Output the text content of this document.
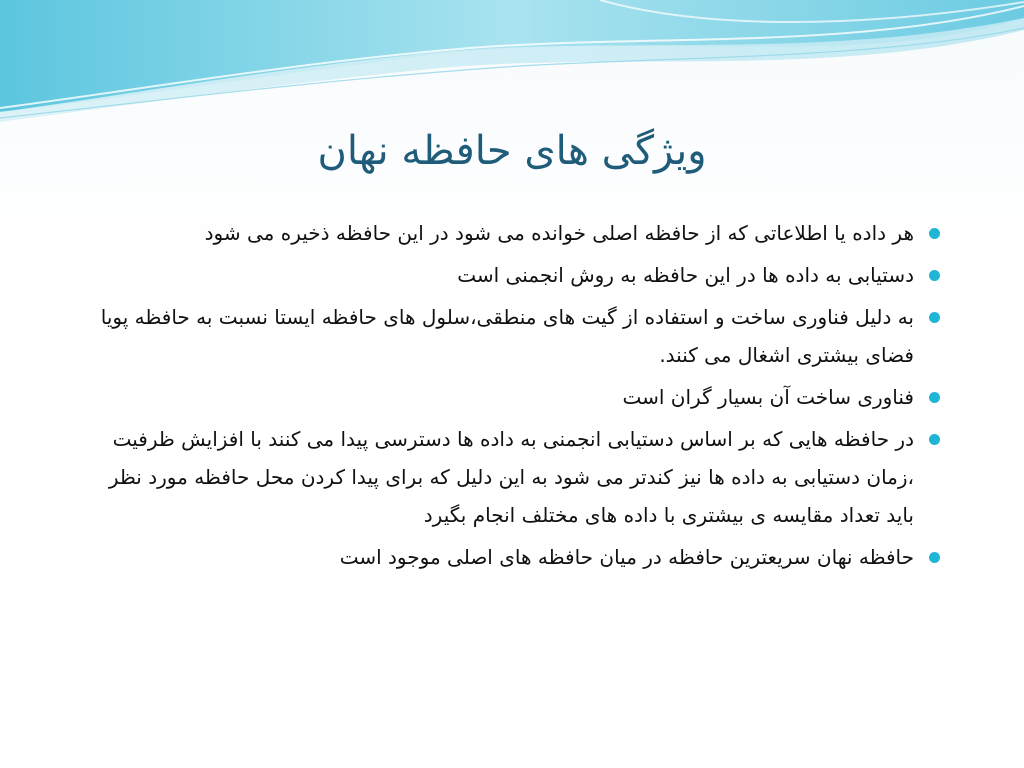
ویژگی های حافظه نهان
هر داده یا اطلاعاتی که از حافظه اصلی خوانده می شود در این حافظه ذخیره می شود
دستیابی به داده ها در این حافظه به روش انجمنی است
به دلیل فناوری ساخت و استفاده از گیت های منطقی،سلول های حافظه ایستا نسبت به حافظه پویا فضای بیشتری اشغال می کنند.
فناوری ساخت آن بسیار گران است
در حافظه هایی که بر اساس دستیابی انجمنی به داده ها دسترسی پیدا می کنند با افزایش ظرفیت ،زمان دستیابی به داده ها نیز کندتر می شود به این دلیل که برای پیدا کردن محل حافظه مورد نظر باید تعداد مقایسه ی بیشتری با داده های مختلف انجام بگیرد
حافظه نهان سریعترین حافظه در میان حافظه های اصلی موجود است
